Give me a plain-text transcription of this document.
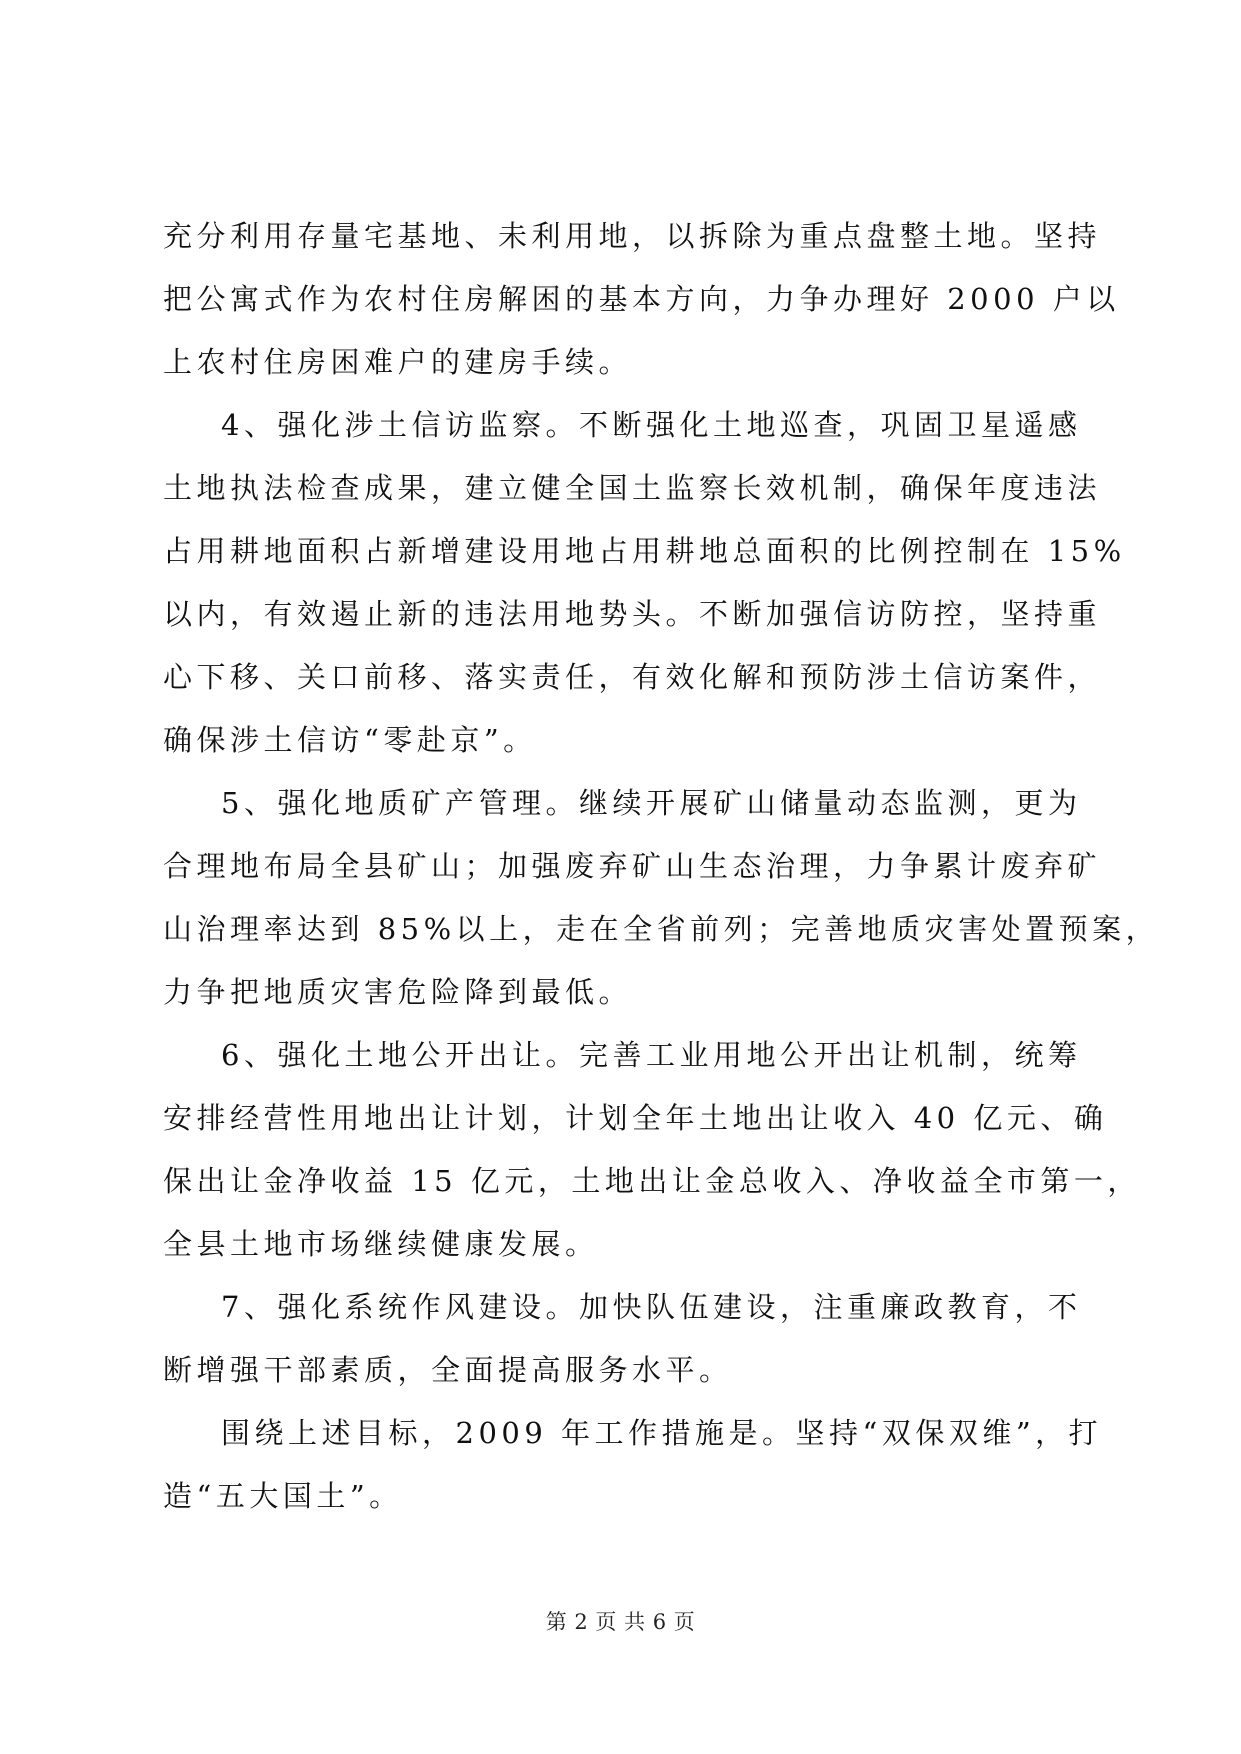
充分利用存量宅基地、未利用地，以拆除为重点盘整土地。坚持
把公寓式作为农村住房解困的基本方向，力争办理好 2000 户以
上农村住房困难户的建房手续。

4、强化涉土信访监察。不断强化土地巡查，巩固卫星遥感
土地执法检查成果，建立健全国土监察长效机制，确保年度违法
占用耕地面积占新增建设用地占用耕地总面积的比例控制在 15%
以内，有效遏止新的违法用地势头。不断加强信访防控，坚持重
心下移、关口前移、落实责任，有效化解和预防涉土信访案件，
确保涉土信访“零赴京”。

5、强化地质矿产管理。继续开展矿山储量动态监测，更为
合理地布局全县矿山；加强废弃矿山生态治理，力争累计废弃矿
山治理率达到 85%以上，走在全省前列；完善地质灾害处置预案，
力争把地质灾害危险降到最低。

6、强化土地公开出让。完善工业用地公开出让机制，统筹
安排经营性用地出让计划，计划全年土地出让收入 40 亿元、确
保出让金净收益 15 亿元，土地出让金总收入、净收益全市第一，
全县土地市场继续健康发展。

7、强化系统作风建设。加快队伍建设，注重廉政教育，不
断增强干部素质，全面提高服务水平。

围绕上述目标，2009 年工作措施是。坚持“双保双维”，打
造“五大国土”。

第 2 页 共 6 页
